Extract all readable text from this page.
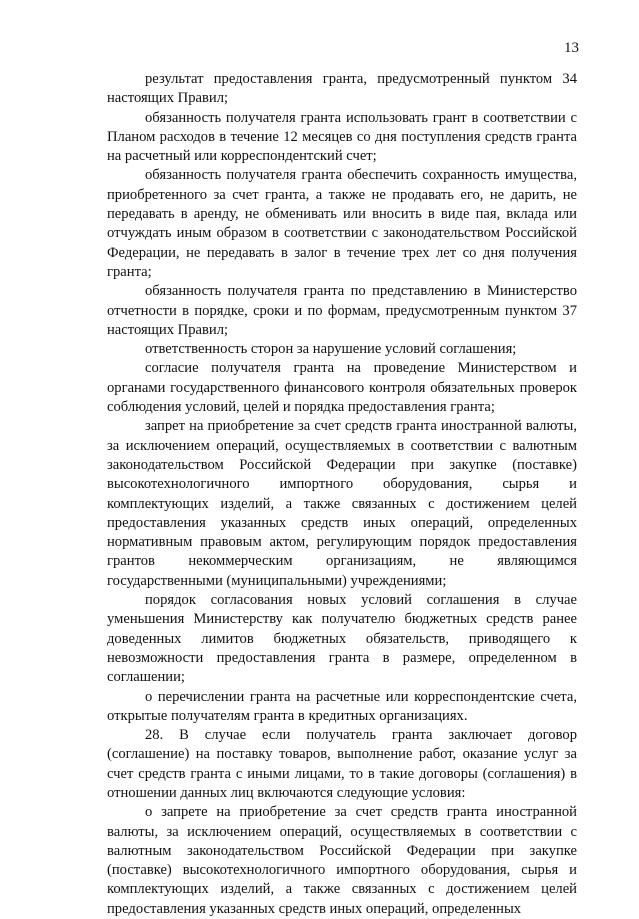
13

результат предоставления гранта, предусмотренный пунктом 34 настоящих Правил;

обязанность получателя гранта использовать грант в соответствии с Планом расходов в течение 12 месяцев со дня поступления средств гранта на расчетный или корреспондентский счет;

обязанность получателя гранта обеспечить сохранность имущества, приобретенного за счет гранта, а также не продавать его, не дарить, не передавать в аренду, не обменивать или вносить в виде пая, вклада или отчуждать иным образом в соответствии с законодательством Российской Федерации, не передавать в залог в течение трех лет со дня получения гранта;

обязанность получателя гранта по представлению в Министерство отчетности в порядке, сроки и по формам, предусмотренным пунктом 37 настоящих Правил;

ответственность сторон за нарушение условий соглашения;

согласие получателя гранта на проведение Министерством и органами государственного финансового контроля обязательных проверок соблюдения условий, целей и порядка предоставления гранта;

запрет на приобретение за счет средств гранта иностранной валюты, за исключением операций, осуществляемых в соответствии с валютным законодательством Российской Федерации при закупке (поставке) высокотехнологичного импортного оборудования, сырья и комплектующих изделий, а также связанных с достижением целей предоставления указанных средств иных операций, определенных нормативным правовым актом, регулирующим порядок предоставления грантов некоммерческим организациям, не являющимся государственными (муниципальными) учреждениями;

порядок согласования новых условий соглашения в случае уменьшения Министерству как получателю бюджетных средств ранее доведенных лимитов бюджетных обязательств, приводящего к невозможности предоставления гранта в размере, определенном в соглашении;

о перечислении гранта на расчетные или корреспондентские счета, открытые получателям гранта в кредитных организациях.

28. В случае если получатель гранта заключает договор (соглашение) на поставку товаров, выполнение работ, оказание услуг за счет средств гранта с иными лицами, то в такие договоры (соглашения) в отношении данных лиц включаются следующие условия:

о запрете на приобретение за счет средств гранта иностранной валюты, за исключением операций, осуществляемых в соответствии с валютным законодательством Российской Федерации при закупке (поставке) высокотехнологичного импортного оборудования, сырья и комплектующих изделий, а также связанных с достижением целей предоставления указанных средств иных операций, определенных
